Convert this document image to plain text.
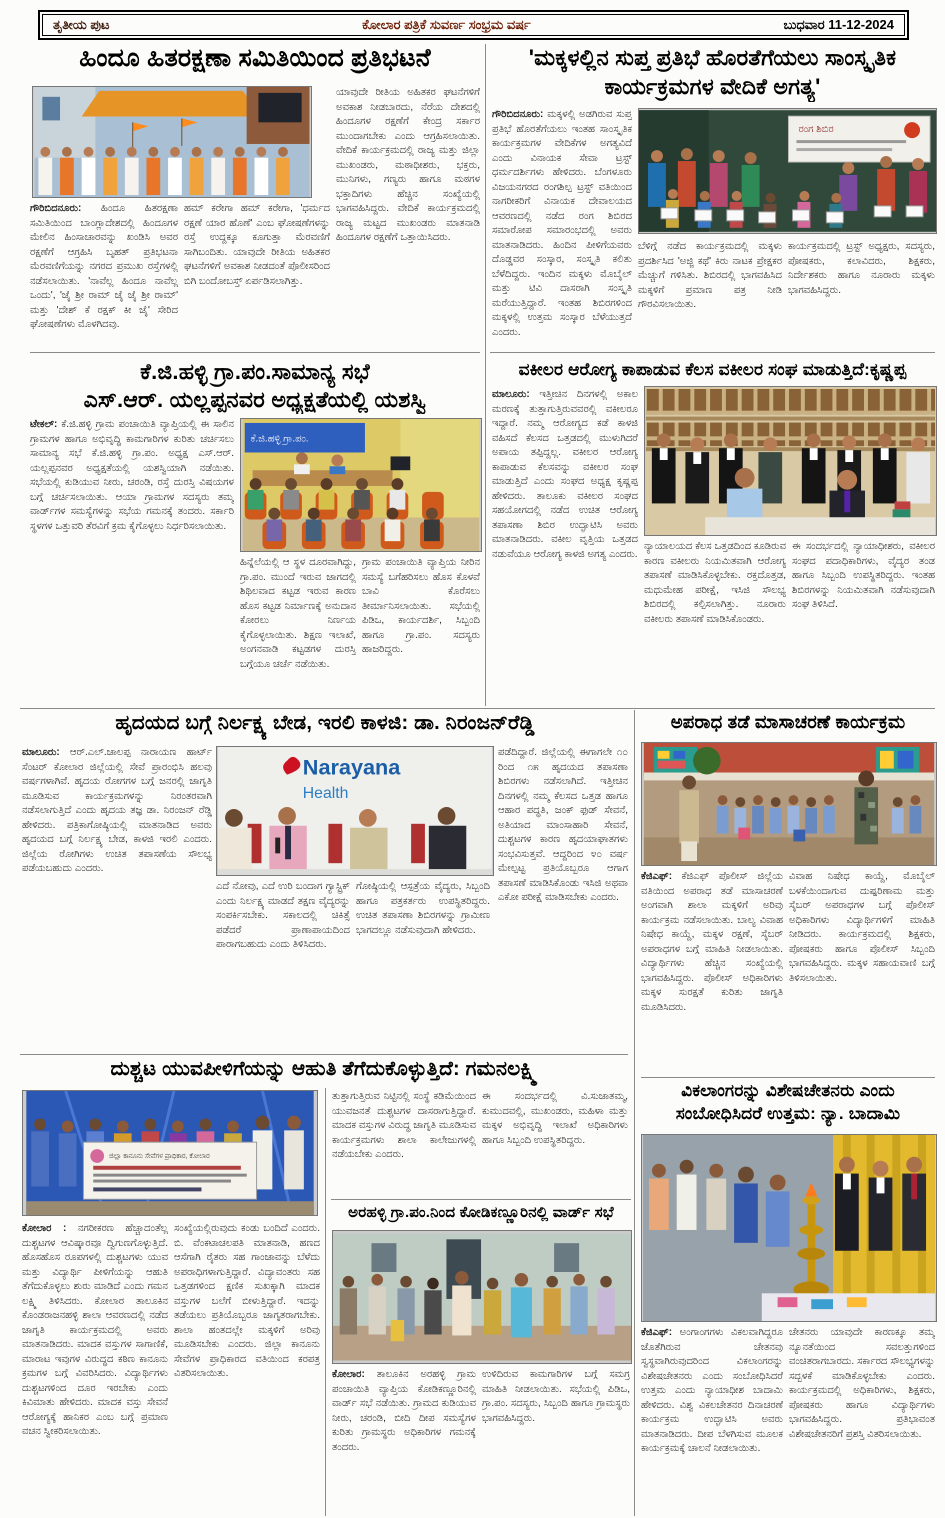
ತೃತೀಯ ಪುಟ	ಕೋಲಾರ ಪತ್ರಿಕೆ ಸುವರ್ಣ ಸಂಭ್ರಮ ವರ್ಷ	ಬುಧವಾರ 11-12-2024
ಹಿಂದೂ ಹಿತರಕ್ಷಣಾ ಸಮಿತಿಯಿಂದ ಪ್ರತಿಭಟನೆ
ಯಾವುದೇ ರೀತಿಯ ಅಹಿತಕರ ಘಟನೆಗಳಿಗೆ ಅವಕಾಶ ನೀಡಬಾರದು, ನೆರೆಯ ದೇಶದಲ್ಲಿ ಹಿಂದೂಗಳ ರಕ್ಷಣೆಗೆ ಕೇಂದ್ರ ಸರ್ಕಾರ ಮುಂದಾಗಬೇಕು ಎಂದು ಆಗ್ರಹಿಸಲಾಯಿತು. ವೇದಿಕೆ ಕಾರ್ಯಕ್ರಮದಲ್ಲಿ ರಾಜ್ಯ ಮತ್ತು ಜಿಲ್ಲಾ ಮುಖಂಡರು, ಮಠಾಧೀಶರು, ಭಕ್ತರು, ಮುನಿಗಳು, ಗಣ್ಯರು ಹಾಗೂ ಮಠಗಳ ಭಕ್ತಾದಿಗಳು ಹೆಚ್ಚಿನ ಸಂಖ್ಯೆಯಲ್ಲಿ ಭಾಗವಹಿಸಿದ್ದರು. ವೇದಿಕೆ ಕಾರ್ಯಕ್ರಮದಲ್ಲಿ ರಾಜ್ಯ ಮಟ್ಟದ ಮುಖಂಡರು ಮಾತನಾಡಿ ಹಿಂದೂಗಳ ರಕ್ಷಣೆಗೆ ಒತ್ತಾಯಿಸಿದರು.
ಗೌರಿಬಿದನೂರು: ಹಿಂದೂ ಹಿತರಕ್ಷಣಾ ಸಮಿತಿಯಿಂದ ಬಾಂಗ್ಲಾದೇಶದಲ್ಲಿ ಹಿಂದೂಗಳ ಮೇಲಿನ ಹಿಂಸಾಚಾರವನ್ನು ಖಂಡಿಸಿ ಅವರ ರಕ್ಷಣೆಗೆ ಆಗ್ರಹಿಸಿ ಬೃಹತ್ ಪ್ರತಿಭಟನಾ ಮೆರವಣಿಗೆಯನ್ನು ನಗರದ ಪ್ರಮುಖ ರಸ್ತೆಗಳಲ್ಲಿ ನಡೆಸಲಾಯಿತು. 'ನಾವೆಲ್ಲ ಹಿಂದೂ ನಾವೆಲ್ಲ ಒಂದು', 'ಜೈ ಶ್ರೀ ರಾಮ್ ಜೈ ಜೈ ಶ್ರೀ ರಾಮ್' ಮತ್ತು 'ದೇಶ್ ಕೆ ರಕ್ಷಕ್ ಕೀ ಜೈ' ಸೇರಿದ ಘೋಷಣೆಗಳು ಮೊಳಗಿದವು.
ಹಮ್ ಕರೇಗಾ ಹಮ್ ಕರೇಗಾ, 'ಧರ್ಮದ ರಕ್ಷಣೆ ಯಾರ ಹೊಣೆ' ಎಂಬ ಘೋಷಣೆಗಳನ್ನು ರಸ್ತೆ ಉದ್ದಕ್ಕೂ ಕೂಗುತ್ತಾ ಮೆರವಣಿಗೆ ಸಾಗಿಬಂದಿತು. ಯಾವುದೇ ರೀತಿಯ ಅಹಿತಕರ ಘಟನೆಗಳಿಗೆ ಅವಕಾಶ ನೀಡದಂತೆ ಪೊಲೀಸರಿಂದ ಬಿಗಿ ಬಂದೋಬಸ್ತ್ ಏರ್ಪಡಿಸಲಾಗಿತ್ತು.
'ಮಕ್ಕಳಲ್ಲಿನ ಸುಪ್ತ ಪ್ರತಿಭೆ ಹೊರತೆಗೆಯಲು ಸಾಂಸ್ಕೃತಿಕ ಕಾರ್ಯಕ್ರಮಗಳ ವೇದಿಕೆ ಅಗತ್ಯ'
ಗೌರಿಬಿದನೂರು: ಮಕ್ಕಳಲ್ಲಿ ಅಡಗಿರುವ ಸುಪ್ತ ಪ್ರತಿಭೆ ಹೊರತೆಗೆಯಲು ಇಂತಹ ಸಾಂಸ್ಕೃತಿಕ ಕಾರ್ಯಕ್ರಮಗಳ ವೇದಿಕೆಗಳ ಅಗತ್ಯವಿದೆ ಎಂದು ವಿನಾಯಕ ಸೇವಾ ಟ್ರಸ್ಟ್ ಧರ್ಮದರ್ಶಿಗಳು ಹೇಳಿದರು. ಬೆಂಗಳೂರು ವಿಜಯನಗರದ ರಂಗಶಿಲ್ಪ ಟ್ರಸ್ಟ್ ವತಿಯಿಂದ ನಾಗರೀಕರಿಗೆ ವಿನಾಯಕ ದೇವಾಲಯದ ಆವರಣದಲ್ಲಿ ನಡೆದ ರಂಗ ಶಿಬಿರದ ಸಮಾರೋಪ ಸಮಾರಂಭದಲ್ಲಿ ಅವರು ಮಾತನಾಡಿದರು. ಹಿಂದಿನ ಪೀಳಿಗೆಯವರು ದೊಡ್ಡವರ ಸಂಸ್ಕಾರ, ಸಂಸ್ಕೃತಿ ಕಲಿತು ಬೆಳೆದಿದ್ದರು. ಇಂದಿನ ಮಕ್ಕಳು ಮೊಬೈಲ್ ಮತ್ತು ಟಿವಿ ದಾಸರಾಗಿ ಸಂಸ್ಕೃತಿ ಮರೆಯುತ್ತಿದ್ದಾರೆ. ಇಂತಹ ಶಿಬಿರಗಳಿಂದ ಮಕ್ಕಳಲ್ಲಿ ಉತ್ತಮ ಸಂಸ್ಕಾರ ಬೆಳೆಯುತ್ತದೆ ಎಂದರು.
ರಂಗ ಶಿಬಿರ
ಬೆಳಿಗ್ಗೆ ನಡೆದ ಕಾರ್ಯಕ್ರಮದಲ್ಲಿ ಮಕ್ಕಳು ಪ್ರದರ್ಶಿಸಿದ 'ಅಜ್ಜಿ ಕಥೆ' ಕಿರು ನಾಟಕ ಪ್ರೇಕ್ಷಕರ ಮೆಚ್ಚುಗೆ ಗಳಿಸಿತು. ಶಿಬಿರದಲ್ಲಿ ಭಾಗವಹಿಸಿದ ಮಕ್ಕಳಿಗೆ ಪ್ರಮಾಣ ಪತ್ರ ನೀಡಿ ಗೌರವಿಸಲಾಯಿತು.
ಕಾರ್ಯಕ್ರಮದಲ್ಲಿ ಟ್ರಸ್ಟ್ ಅಧ್ಯಕ್ಷರು, ಸದಸ್ಯರು, ಪೋಷಕರು, ಕಲಾವಿದರು, ಶಿಕ್ಷಕರು, ನಿರ್ದೇಶಕರು ಹಾಗೂ ನೂರಾರು ಮಕ್ಕಳು ಭಾಗವಹಿಸಿದ್ದರು.
ಕೆ.ಜಿ.ಹಳ್ಳಿ ಗ್ರಾ.ಪಂ.ಸಾಮಾನ್ಯ ಸಭೆ
ಎಸ್.ಆರ್. ಯಲ್ಲಪ್ಪನವರ ಅಧ್ಯಕ್ಷತೆಯಲ್ಲಿ ಯಶಸ್ವಿ
ಟೇಕಲ್: ಕೆ.ಜಿ.ಹಳ್ಳಿ ಗ್ರಾಮ ಪಂಚಾಯಿತಿ ವ್ಯಾಪ್ತಿಯಲ್ಲಿ ಈ ಸಾಲಿನ ಗ್ರಾಮಗಳ ಹಾಗೂ ಅಭಿವೃದ್ಧಿ ಕಾಮಗಾರಿಗಳ ಕುರಿತು ಚರ್ಚಿಸಲು ಸಾಮಾನ್ಯ ಸಭೆ ಕೆ.ಜಿ.ಹಳ್ಳಿ ಗ್ರಾ.ಪಂ. ಅಧ್ಯಕ್ಷ ಎಸ್.ಆರ್. ಯಲ್ಲಪ್ಪನವರ ಅಧ್ಯಕ್ಷತೆಯಲ್ಲಿ ಯಶಸ್ವಿಯಾಗಿ ನಡೆಯಿತು. ಸಭೆಯಲ್ಲಿ ಕುಡಿಯುವ ನೀರು, ಚರಂಡಿ, ರಸ್ತೆ ದುರಸ್ತಿ ವಿಷಯಗಳ ಬಗ್ಗೆ ಚರ್ಚಿಸಲಾಯಿತು. ಆಯಾ ಗ್ರಾಮಗಳ ಸದಸ್ಯರು ತಮ್ಮ ವಾರ್ಡ್‌ಗಳ ಸಮಸ್ಯೆಗಳನ್ನು ಸಭೆಯ ಗಮನಕ್ಕೆ ತಂದರು. ಸರ್ಕಾರಿ ಸ್ಥಳಗಳ ಒತ್ತುವರಿ ತೆರವಿಗೆ ಕ್ರಮ ಕೈಗೊಳ್ಳಲು ನಿರ್ಧರಿಸಲಾಯಿತು.
ಕೆ.ಜಿ.ಹಳ್ಳಿ ಗ್ರಾ.ಪಂ.
ಹಿನ್ನೆಲೆಯಲ್ಲಿ ಆ ಸ್ಥಳ ದೂರವಾಗಿದ್ದು, ಗ್ರಾ.ಪಂ. ಮುಂದೆ ಇರುವ ಜಾಗದಲ್ಲಿ ಶಿಥಿಲವಾದ ಕಟ್ಟಡ ಇರುವ ಕಾರಣ ಹೊಸ ಕಟ್ಟಡ ನಿರ್ಮಾಣಕ್ಕೆ ಅನುದಾನ ಕೋರಲು ನಿರ್ಣಯ ಕೈಗೊಳ್ಳಲಾಯಿತು. ಶಿಕ್ಷಣ ಇಲಾಖೆ, ಅಂಗನವಾಡಿ ಕಟ್ಟಡಗಳ ದುರಸ್ತಿ ಬಗ್ಗೆಯೂ ಚರ್ಚೆ ನಡೆಯಿತು.
ಗ್ರಾಮ ಪಂಚಾಯಿತಿ ವ್ಯಾಪ್ತಿಯ ನೀರಿನ ಸಮಸ್ಯೆ ಬಗೆಹರಿಸಲು ಹೊಸ ಕೊಳವೆ ಬಾವಿ ಕೊರೆಸಲು ತೀರ್ಮಾನಿಸಲಾಯಿತು. ಸಭೆಯಲ್ಲಿ ಪಿಡಿಒ, ಕಾರ್ಯದರ್ಶಿ, ಸಿಬ್ಬಂದಿ ಹಾಗೂ ಗ್ರಾ.ಪಂ. ಸದಸ್ಯರು ಹಾಜರಿದ್ದರು.
ವಕೀಲರ ಆರೋಗ್ಯ ಕಾಪಾಡುವ ಕೆಲಸ ವಕೀಲರ ಸಂಘ ಮಾಡುತ್ತಿದೆ:ಕೃಷ್ಣಪ್ಪ
ಮಾಲೂರು: ಇತ್ತೀಚಿನ ದಿನಗಳಲ್ಲಿ ಅಕಾಲ ಮರಣಕ್ಕೆ ತುತ್ತಾಗುತ್ತಿರುವವರಲ್ಲಿ ವಕೀಲರೂ ಇದ್ದಾರೆ. ನಮ್ಮ ಆರೋಗ್ಯದ ಕಡೆ ಕಾಳಜಿ ವಹಿಸದೆ ಕೆಲಸದ ಒತ್ತಡದಲ್ಲಿ ಮುಳುಗಿದರೆ ಅಪಾಯ ತಪ್ಪಿದ್ದಲ್ಲ. ವಕೀಲರ ಆರೋಗ್ಯ ಕಾಪಾಡುವ ಕೆಲಸವನ್ನು ವಕೀಲರ ಸಂಘ ಮಾಡುತ್ತಿದೆ ಎಂದು ಸಂಘದ ಅಧ್ಯಕ್ಷ ಕೃಷ್ಣಪ್ಪ ಹೇಳಿದರು. ತಾಲೂಕು ವಕೀಲರ ಸಂಘದ ಸಹಯೋಗದಲ್ಲಿ ನಡೆದ ಉಚಿತ ಆರೋಗ್ಯ ತಪಾಸಣಾ ಶಿಬಿರ ಉದ್ಘಾಟಿಸಿ ಅವರು ಮಾತನಾಡಿದರು. ವಕೀಲ ವೃತ್ತಿಯ ಒತ್ತಡದ ನಡುವೆಯೂ ಆರೋಗ್ಯ ಕಾಳಜಿ ಅಗತ್ಯ ಎಂದರು.
ನ್ಯಾಯಾಲಯದ ಕೆಲಸ ಒತ್ತಡದಿಂದ ಕೂಡಿರುವ ಕಾರಣ ವಕೀಲರು ನಿಯಮಿತವಾಗಿ ಆರೋಗ್ಯ ತಪಾಸಣೆ ಮಾಡಿಸಿಕೊಳ್ಳಬೇಕು. ರಕ್ತದೊತ್ತಡ, ಮಧುಮೇಹ ಪರೀಕ್ಷೆ, ಇಸಿಜಿ ಸೌಲಭ್ಯ ಶಿಬಿರದಲ್ಲಿ ಕಲ್ಪಿಸಲಾಗಿತ್ತು. ನೂರಾರು ವಕೀಲರು ತಪಾಸಣೆ ಮಾಡಿಸಿಕೊಂಡರು.
ಈ ಸಂದರ್ಭದಲ್ಲಿ ನ್ಯಾಯಾಧೀಶರು, ವಕೀಲರ ಸಂಘದ ಪದಾಧಿಕಾರಿಗಳು, ವೈದ್ಯರ ತಂಡ ಹಾಗೂ ಸಿಬ್ಬಂದಿ ಉಪಸ್ಥಿತರಿದ್ದರು. ಇಂತಹ ಶಿಬಿರಗಳನ್ನು ನಿಯಮಿತವಾಗಿ ನಡೆಸುವುದಾಗಿ ಸಂಘ ತಿಳಿಸಿದೆ.
ಹೃದಯದ ಬಗ್ಗೆ ನಿರ್ಲಕ್ಷ್ಯ ಬೇಡ, ಇರಲಿ ಕಾಳಜಿ: ಡಾ. ನಿರಂಜನ್‌ರೆಡ್ಡಿ
ಮಾಲೂರು: ಆರ್.ಎಲ್.ಜಾಲಪ್ಪ ನಾರಾಯಣ ಹಾರ್ಟ್ ಸೆಂಟರ್ ಕೋಲಾರ ಜಿಲ್ಲೆಯಲ್ಲಿ ಸೇವೆ ಪ್ರಾರಂಭಿಸಿ ಹಲವು ವರ್ಷಗಳಾಗಿವೆ. ಹೃದಯ ರೋಗಗಳ ಬಗ್ಗೆ ಜನರಲ್ಲಿ ಜಾಗೃತಿ ಮೂಡಿಸುವ ಕಾರ್ಯಕ್ರಮಗಳನ್ನು ನಿರಂತರವಾಗಿ ನಡೆಸಲಾಗುತ್ತಿದೆ ಎಂದು ಹೃದಯ ತಜ್ಞ ಡಾ. ನಿರಂಜನ್ ರೆಡ್ಡಿ ಹೇಳಿದರು. ಪತ್ರಿಕಾಗೋಷ್ಠಿಯಲ್ಲಿ ಮಾತನಾಡಿದ ಅವರು ಹೃದಯದ ಬಗ್ಗೆ ನಿರ್ಲಕ್ಷ್ಯ ಬೇಡ, ಕಾಳಜಿ ಇರಲಿ ಎಂದರು. ಜಿಲ್ಲೆಯ ರೋಗಿಗಳು ಉಚಿತ ತಪಾಸಣೆಯ ಸೌಲಭ್ಯ ಪಡೆಯಬಹುದು ಎಂದರು.
Narayana
Health
ಪಡೆದಿದ್ದಾರೆ. ಜಿಲ್ಲೆಯಲ್ಲಿ ಈಗಾಗಲೇ ೧೦ ರಿಂದ ೧೫ ಹೃದಯದ ತಪಾಸಣಾ ಶಿಬಿರಗಳು ನಡೆಸಲಾಗಿದೆ. ಇತ್ತೀಚಿನ ದಿನಗಳಲ್ಲಿ ನಮ್ಮ ಕೆಲಸದ ಒತ್ತಡ ಹಾಗೂ ಆಹಾರ ಪದ್ಧತಿ, ಜಂಕ್ ಫುಡ್ ಸೇವನೆ, ಅತಿಯಾದ ಮಾಂಸಾಹಾರಿ ಸೇವನೆ, ದುಶ್ಚಟಗಳ ಕಾರಣ ಹೃದಯಾಘಾತಗಳು ಸಂಭವಿಸುತ್ತವೆ. ಆದ್ದರಿಂದ ೪೦ ವರ್ಷ ಮೇಲ್ಪಟ್ಟ ಪ್ರತಿಯೊಬ್ಬರೂ ಆಗಾಗ ತಪಾಸಣೆ ಮಾಡಿಸಿಕೊಂಡು ಇಸಿಜಿ ಅಥವಾ ಎಕೋ ಪರೀಕ್ಷೆ ಮಾಡಿಸಬೇಕು ಎಂದರು.
ಎದೆ ನೋವು, ಎದೆ ಉರಿ ಬಂದಾಗ ಗ್ಯಾಸ್ಟ್ರಿಕ್ ಎಂದು ನಿರ್ಲಕ್ಷ್ಯ ಮಾಡದೆ ತಕ್ಷಣ ವೈದ್ಯರನ್ನು ಸಂಪರ್ಕಿಸಬೇಕು. ಸಕಾಲದಲ್ಲಿ ಚಿಕಿತ್ಸೆ ಪಡೆದರೆ ಪ್ರಾಣಾಪಾಯದಿಂದ ಪಾರಾಗಬಹುದು ಎಂದು ತಿಳಿಸಿದರು.
ಗೋಷ್ಠಿಯಲ್ಲಿ ಆಸ್ಪತ್ರೆಯ ವೈದ್ಯರು, ಸಿಬ್ಬಂದಿ ಹಾಗೂ ಪತ್ರಕರ್ತರು ಉಪಸ್ಥಿತರಿದ್ದರು. ಉಚಿತ ತಪಾಸಣಾ ಶಿಬಿರಗಳನ್ನು ಗ್ರಾಮೀಣ ಭಾಗದಲ್ಲೂ ನಡೆಸುವುದಾಗಿ ಹೇಳಿದರು.
ಅಪರಾಧ ತಡೆ ಮಾಸಾಚರಣೆ ಕಾರ್ಯಕ್ರಮ
ಕೆಜಿಎಫ್: ಕೆಜಿಎಫ್ ಪೊಲೀಸ್ ಜಿಲ್ಲೆಯ ವತಿಯಿಂದ ಅಪರಾಧ ತಡೆ ಮಾಸಾಚರಣೆ ಅಂಗವಾಗಿ ಶಾಲಾ ಮಕ್ಕಳಿಗೆ ಅರಿವು ಕಾರ್ಯಕ್ರಮ ನಡೆಸಲಾಯಿತು. ಬಾಲ್ಯ ವಿವಾಹ ನಿಷೇಧ ಕಾಯ್ದೆ, ಮಕ್ಕಳ ರಕ್ಷಣೆ, ಸೈಬರ್ ಅಪರಾಧಗಳ ಬಗ್ಗೆ ಮಾಹಿತಿ ನೀಡಲಾಯಿತು. ವಿದ್ಯಾರ್ಥಿಗಳು ಹೆಚ್ಚಿನ ಸಂಖ್ಯೆಯಲ್ಲಿ ಭಾಗವಹಿಸಿದ್ದರು. ಪೊಲೀಸ್ ಅಧಿಕಾರಿಗಳು ಮಕ್ಕಳ ಸುರಕ್ಷತೆ ಕುರಿತು ಜಾಗೃತಿ ಮೂಡಿಸಿದರು.
ವಿವಾಹ ನಿಷೇಧ ಕಾಯ್ದೆ, ಮೊಬೈಲ್ ಬಳಕೆಯಿಂದಾಗುವ ದುಷ್ಪರಿಣಾಮ ಮತ್ತು ಸೈಬರ್ ಅಪರಾಧಗಳ ಬಗ್ಗೆ ಪೊಲೀಸ್ ಅಧಿಕಾರಿಗಳು ವಿದ್ಯಾರ್ಥಿಗಳಿಗೆ ಮಾಹಿತಿ ನೀಡಿದರು. ಕಾರ್ಯಕ್ರಮದಲ್ಲಿ ಶಿಕ್ಷಕರು, ಪೋಷಕರು ಹಾಗೂ ಪೊಲೀಸ್ ಸಿಬ್ಬಂದಿ ಭಾಗವಹಿಸಿದ್ದರು. ಮಕ್ಕಳ ಸಹಾಯವಾಣಿ ಬಗ್ಗೆ ತಿಳಿಸಲಾಯಿತು.
ದುಶ್ಚಟ ಯುವಪೀಳಿಗೆಯನ್ನು ಆಹುತಿ ತೆಗೆದುಕೊಳ್ಳುತ್ತಿದೆ: ಗಮನಲಕ್ಷ್ಮಿ
ಜಿಲ್ಲಾ ಕಾನೂನು ಸೇವೆಗಳ ಪ್ರಾಧಿಕಾರ, ಕೋಲಾರ
ತುತ್ತಾಗುತ್ತಿರುವ ನಿಟ್ಟಿನಲ್ಲಿ ಸಂಸ್ಥೆ ಕಡಿಮೆಯಿಂದ ಯುವಜನತೆ ದುಶ್ಚಟಗಳ ದಾಸರಾಗುತ್ತಿದ್ದಾರೆ. ಮಾದಕ ವಸ್ತುಗಳ ವಿರುದ್ಧ ಜಾಗೃತಿ ಮೂಡಿಸುವ ಕಾರ್ಯಕ್ರಮಗಳು ಶಾಲಾ ಕಾಲೇಜುಗಳಲ್ಲಿ ನಡೆಯಬೇಕು ಎಂದರು.
ಈ ಸಂದರ್ಭದಲ್ಲಿ ವಿ.ಸುಜಾತಮ್ಮ, ಕುಮುದವಲ್ಲಿ, ಮುಖಂಡರು, ಮಹಿಳಾ ಮತ್ತು ಮಕ್ಕಳ ಅಭಿವೃದ್ಧಿ ಇಲಾಖೆ ಅಧಿಕಾರಿಗಳು ಹಾಗೂ ಸಿಬ್ಬಂದಿ ಉಪಸ್ಥಿತರಿದ್ದರು.
ಕೋಲಾರ : ನಗರೀಕರಣ ಹೆಚ್ಚಾದಂತೆಲ್ಲ ದುಶ್ಚಟಗಳ ಆವಿಷ್ಕಾರವೂ ದ್ವಿಗುಣಗೊಳ್ಳುತ್ತಿದೆ. ಹೊಸಹೊಸ ರೂಪಗಳಲ್ಲಿ ದುಶ್ಚಟಗಳು ಯುವ ಮತ್ತು ವಿದ್ಯಾರ್ಥಿ ಪೀಳಿಗೆಯನ್ನು ಆಹುತಿ ತೆಗೆದುಕೊಳ್ಳಲು ಶುರು ಮಾಡಿದೆ ಎಂದು ಗಮನ ಲಕ್ಷ್ಮಿ ತಿಳಿಸಿದರು. ಕೋಲಾರ ತಾಲೂಕಿನ ಕೊಂಡರಾಜನಹಳ್ಳಿ ಶಾಲಾ ಆವರಣದಲ್ಲಿ ನಡೆದ ಜಾಗೃತಿ ಕಾರ್ಯಕ್ರಮದಲ್ಲಿ ಅವರು ಮಾತನಾಡಿದರು. ಮಾದಕ ವಸ್ತುಗಳ ಸಾಗಾಣಿಕೆ, ಮಾರಾಟ ಇವುಗಳ ವಿರುದ್ಧದ ಕಠಿಣ ಕಾನೂನು ಕ್ರಮಗಳ ಬಗ್ಗೆ ವಿವರಿಸಿದರು. ವಿದ್ಯಾರ್ಥಿಗಳು ದುಶ್ಚಟಗಳಿಂದ ದೂರ ಇರಬೇಕು ಎಂದು ಕಿವಿಮಾತು ಹೇಳಿದರು. ಮಾದಕ ವಸ್ತು ಸೇವನೆ ಆರೋಗ್ಯಕ್ಕೆ ಹಾನಿಕರ ಎಂಬ ಬಗ್ಗೆ ಪ್ರಮಾಣ ವಚನ ಸ್ವೀಕರಿಸಲಾಯಿತು.
ಸಂಖ್ಯೆಯಲ್ಲಿರುವುದು ಕಂಡು ಬಂದಿದೆ ಎಂದರು. ಬಿ. ವೆಂಕಟಾಚಲಪತಿ ಮಾತನಾಡಿ, ಹಣದ ಆಸೆಗಾಗಿ ರೈತರು ಸಹ ಗಾಂಜಾವನ್ನು ಬೆಳೆದು ಅಪರಾಧಿಗಳಾಗುತ್ತಿದ್ದಾರೆ. ವಿದ್ಯಾವಂತರು ಸಹ ಒತ್ತಡಗಳಿಂದ ಕ್ಷಣಿಕ ಸುಖಕ್ಕಾಗಿ ಮಾದಕ ವಸ್ತುಗಳ ಬಲೆಗೆ ಬೀಳುತ್ತಿದ್ದಾರೆ. ಇದನ್ನು ತಡೆಯಲು ಪ್ರತಿಯೊಬ್ಬರೂ ಜಾಗೃತರಾಗಬೇಕು. ಶಾಲಾ ಹಂತದಲ್ಲೇ ಮಕ್ಕಳಿಗೆ ಅರಿವು ಮೂಡಿಸಬೇಕು ಎಂದರು. ಜಿಲ್ಲಾ ಕಾನೂನು ಸೇವೆಗಳ ಪ್ರಾಧಿಕಾರದ ವತಿಯಿಂದ ಕರಪತ್ರ ವಿತರಿಸಲಾಯಿತು.
ಅರಹಳ್ಳಿ ಗ್ರಾ.ಪಂ.ನಿಂದ ಕೋಡಿಕಣ್ಣೂರಿನಲ್ಲಿ ವಾರ್ಡ್ ಸಭೆ
ಕೋಲಾರ: ತಾಲೂಕಿನ ಅರಹಳ್ಳಿ ಗ್ರಾಮ ಪಂಚಾಯಿತಿ ವ್ಯಾಪ್ತಿಯ ಕೋಡಿಕಣ್ಣೂರಿನಲ್ಲಿ ವಾರ್ಡ್ ಸಭೆ ನಡೆಯಿತು. ಗ್ರಾಮದ ಕುಡಿಯುವ ನೀರು, ಚರಂಡಿ, ಬೀದಿ ದೀಪ ಸಮಸ್ಯೆಗಳ ಕುರಿತು ಗ್ರಾಮಸ್ಥರು ಅಧಿಕಾರಿಗಳ ಗಮನಕ್ಕೆ ತಂದರು.
ಉಳಿದಿರುವ ಕಾಮಗಾರಿಗಳ ಬಗ್ಗೆ ಸಮಗ್ರ ಮಾಹಿತಿ ನೀಡಲಾಯಿತು. ಸಭೆಯಲ್ಲಿ ಪಿಡಿಒ, ಗ್ರಾ.ಪಂ. ಸದಸ್ಯರು, ಸಿಬ್ಬಂದಿ ಹಾಗೂ ಗ್ರಾಮಸ್ಥರು ಭಾಗವಹಿಸಿದ್ದರು.
ವಿಕಲಾಂಗರನ್ನು ವಿಶೇಷಚೇತನರು ಎಂದು ಸಂಬೋಧಿಸಿದರೆ ಉತ್ತಮ: ನ್ಯಾ. ಬಾದಾಮಿ
ಕೆಜಿಎಫ್: ಅಂಗಾಂಗಗಳು ವಿಕಲವಾಗಿದ್ದರೂ ಜೊತೆಗಿರುವ ಚೇತನವು ಸ್ವಸ್ಥವಾಗಿರುವುದರಿಂದ ವಿಕಲಾಂಗರನ್ನು ವಿಶೇಷಚೇತನರು ಎಂದು ಸಂಬೋಧಿಸಿದರೆ ಉತ್ತಮ ಎಂದು ನ್ಯಾಯಾಧೀಶ ಬಾದಾಮಿ ಹೇಳಿದರು. ವಿಶ್ವ ವಿಕಲಚೇತನರ ದಿನಾಚರಣೆ ಕಾರ್ಯಕ್ರಮ ಉದ್ಘಾಟಿಸಿ ಅವರು ಮಾತನಾಡಿದರು. ದೀಪ ಬೆಳಗಿಸುವ ಮೂಲಕ ಕಾರ್ಯಕ್ರಮಕ್ಕೆ ಚಾಲನೆ ನೀಡಲಾಯಿತು.
ಚೇತನರು ಯಾವುದೇ ಕಾರಣಕ್ಕೂ ತಮ್ಮ ನ್ಯೂನತೆಯಿಂದ ಸವಲತ್ತುಗಳಿಂದ ವಂಚಿತರಾಗಬಾರದು. ಸರ್ಕಾರದ ಸೌಲಭ್ಯಗಳನ್ನು ಸದ್ಬಳಕೆ ಮಾಡಿಕೊಳ್ಳಬೇಕು ಎಂದರು. ಕಾರ್ಯಕ್ರಮದಲ್ಲಿ ಅಧಿಕಾರಿಗಳು, ಶಿಕ್ಷಕರು, ಪೋಷಕರು ಹಾಗೂ ವಿದ್ಯಾರ್ಥಿಗಳು ಭಾಗವಹಿಸಿದ್ದರು. ಪ್ರತಿಭಾವಂತ ವಿಶೇಷಚೇತನರಿಗೆ ಪ್ರಶಸ್ತಿ ವಿತರಿಸಲಾಯಿತು.
